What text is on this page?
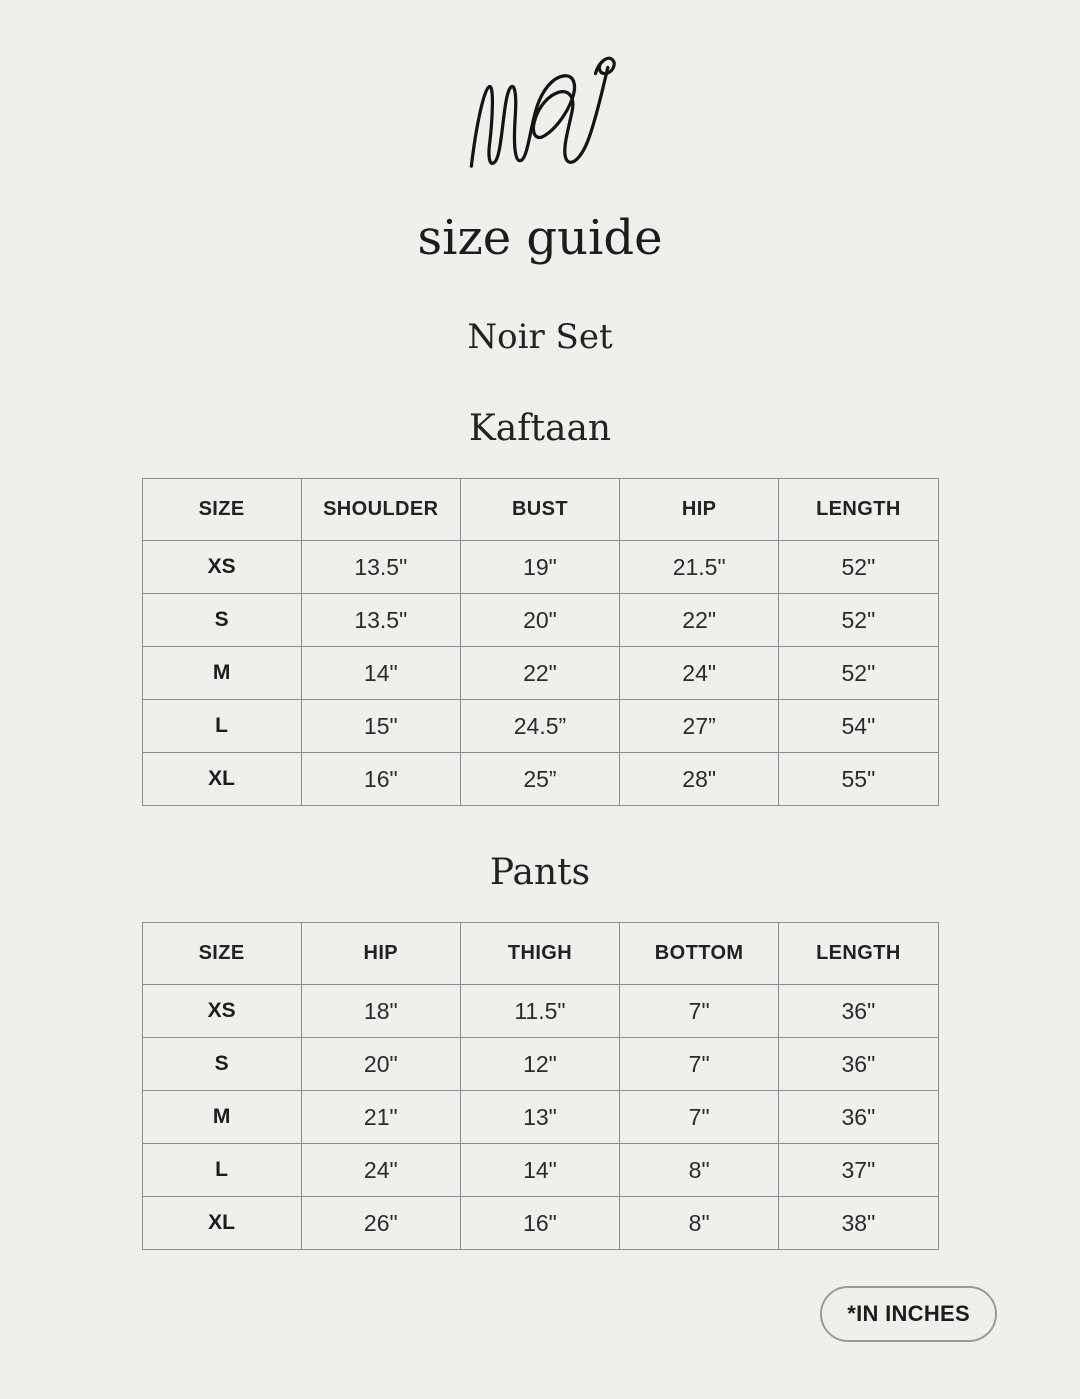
size guide
Noir Set
Kaftaan
SIZE	SHOULDER	BUST	HIP	LENGTH
XS	13.5"	19"	21.5"	52"
S	13.5"	20"	22"	52"
M	14"	22"	24"	52"
L	15"	24.5”	27”	54"
XL	16"	25”	28"	55"
Pants
SIZE	HIP	THIGH	BOTTOM	LENGTH
XS	18"	11.5"	7"	36"
S	20"	12"	7"	36"
M	21"	13"	7"	36"
L	24"	14"	8"	37"
XL	26"	16"	8"	38"
*IN INCHES
